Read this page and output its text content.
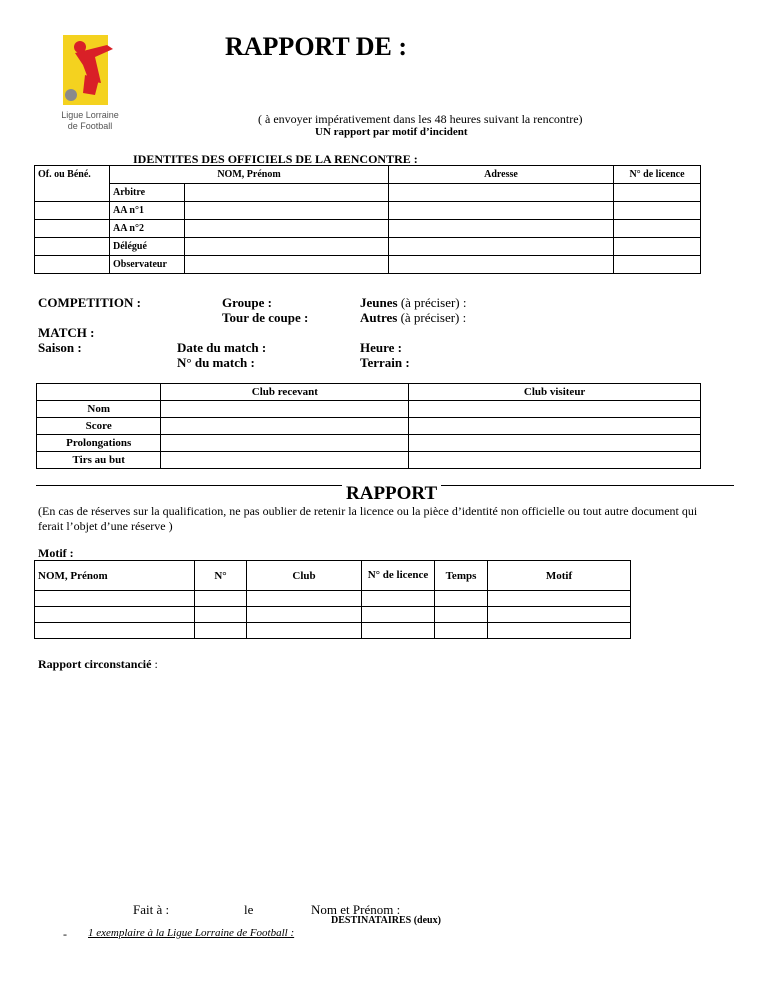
Ligue Lorraine
de Football
RAPPORT DE :
( à envoyer impérativement dans les 48 heures suivant la rencontre)
UN rapport par motif d’incident
IDENTITES DES OFFICIELS DE LA RENCONTRE :
Of. ou Béné.	NOM, Prénom		Adresse	N° de licence
	Arbitre			
	AA n°1			
	AA n°2			
	Délégué			
	Observateur			
COMPETITION :	Groupe :
Tour de coupe :
Jeunes (à préciser) :
Autres (à préciser) :
MATCH :
Saison :	Date du match :
N° du match :
Heure :
Terrain :
	Club recevant	Club visiteur
Nom		
Score		
Prolongations		
Tirs au but		
RAPPORT
(En cas de réserves sur la qualification, ne pas oublier de retenir la licence ou la pièce d’identité non officielle ou tout autre document qui ferait l’objet d’une réserve )
Motif :
NOM, Prénom	N°	Club	N° de licence	Temps	Motif

Rapport circonstancié :
Fait à :	le	Nom et Prénom :
DESTINATAIRES (deux)
- 1 exemplaire à la Ligue Lorraine de Football :
